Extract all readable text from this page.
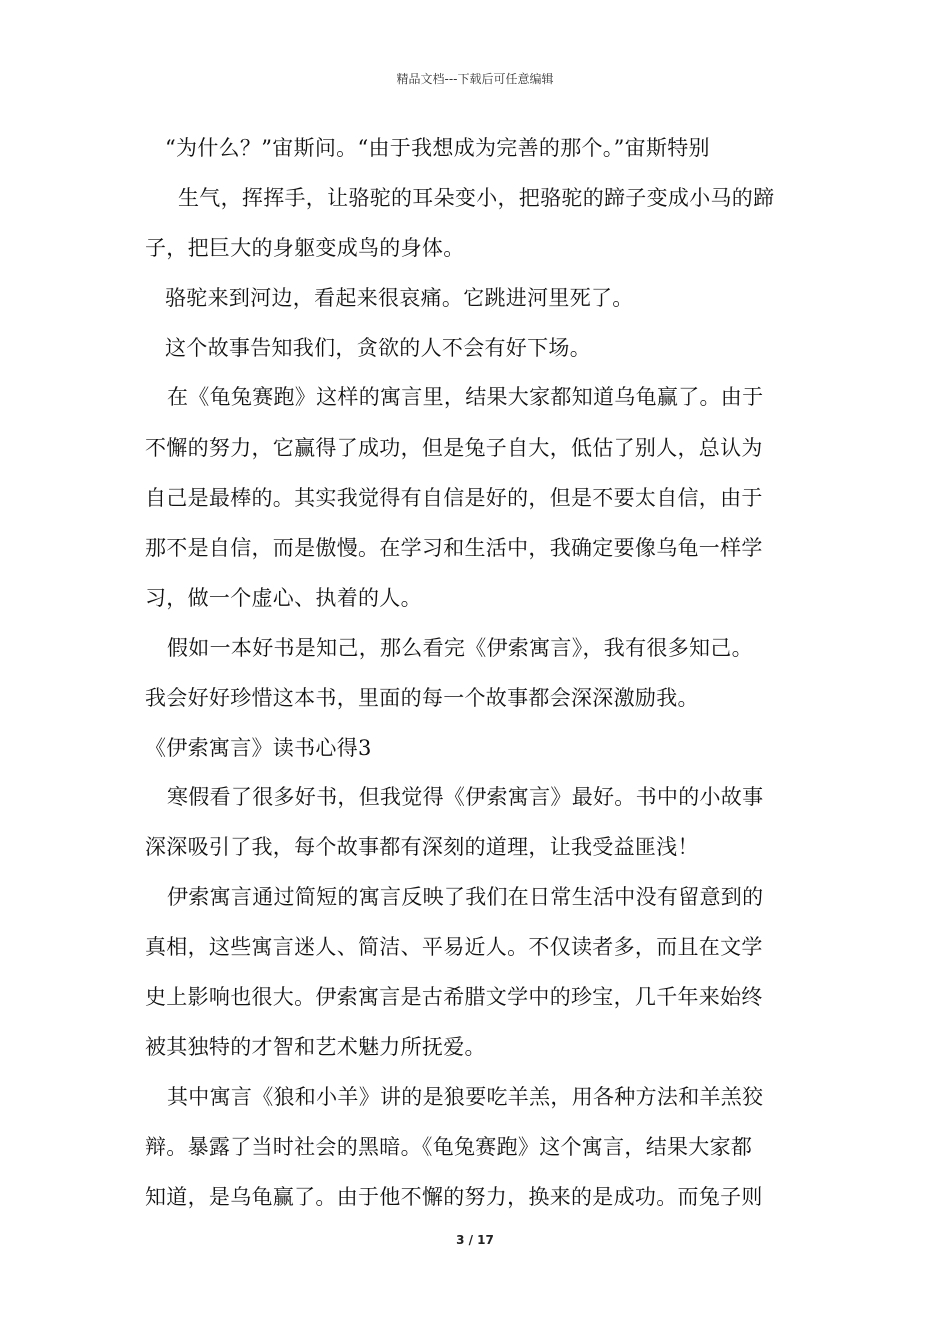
精品文档---下载后可任意编辑
“为什么？”宙斯问。“由于我想成为完善的那个。”宙斯特别
生气，挥挥手，让骆驼的耳朵变小，把骆驼的蹄子变成小马的蹄
子，把巨大的身躯变成鸟的身体。
骆驼来到河边，看起来很哀痛。它跳进河里死了。
这个故事告知我们，贪欲的人不会有好下场。
在《龟兔赛跑》这样的寓言里，结果大家都知道乌龟赢了。由于
不懈的努力，它赢得了成功，但是兔子自大，低估了别人，总认为
自己是最棒的。其实我觉得有自信是好的，但是不要太自信，由于
那不是自信，而是傲慢。在学习和生活中，我确定要像乌龟一样学
习，做一个虚心、执着的人。
假如一本好书是知己，那么看完《伊索寓言》，我有很多知己。
我会好好珍惜这本书，里面的每一个故事都会深深激励我。
《伊索寓言》读书心得3
寒假看了很多好书，但我觉得《伊索寓言》最好。书中的小故事
深深吸引了我，每个故事都有深刻的道理，让我受益匪浅！
伊索寓言通过简短的寓言反映了我们在日常生活中没有留意到的
真相，这些寓言迷人、简洁、平易近人。不仅读者多，而且在文学
史上影响也很大。伊索寓言是古希腊文学中的珍宝，几千年来始终
被其独特的才智和艺术魅力所抚爱。
其中寓言《狼和小羊》讲的是狼要吃羊羔，用各种方法和羊羔狡
辩。暴露了当时社会的黑暗。《龟兔赛跑》这个寓言，结果大家都
知道，是乌龟赢了。由于他不懈的努力，换来的是成功。而兔子则
3 / 17
